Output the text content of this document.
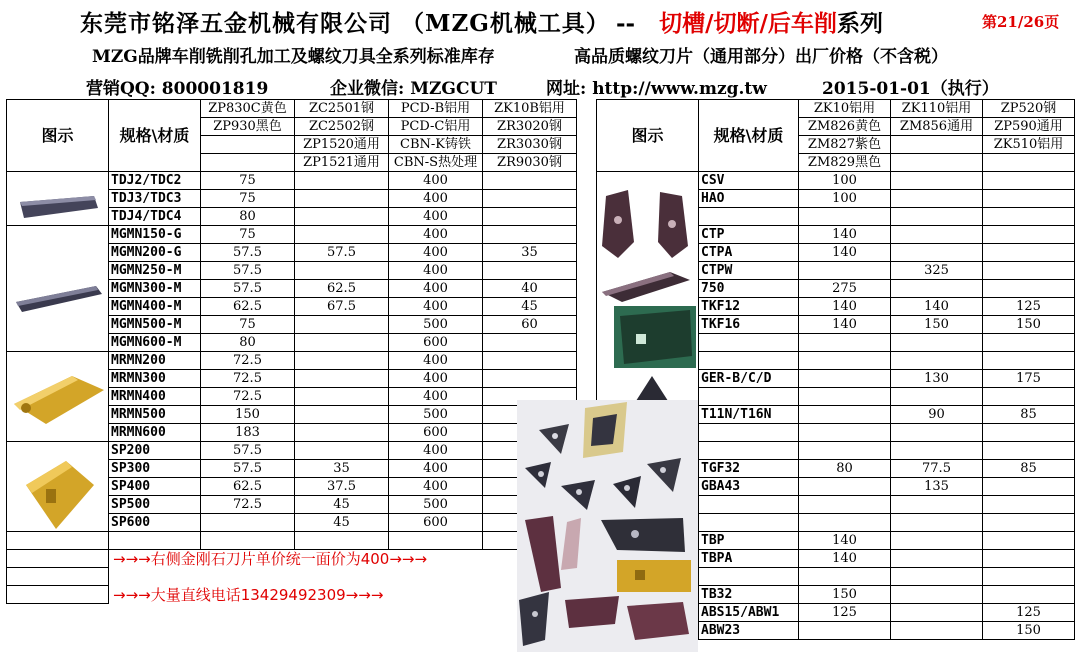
东莞市铭泽五金机械有限公司 （MZG机械工具） -- 切槽/切断/后车削系列	第21/26页
MZG品牌车削铣削孔加工及螺纹刀具全系列标准库存	高品质螺纹刀片（通用部分）出厂价格（不含税）
营销QQ: 800001819	企业微信: MZGCUT	网址: http://www.mzg.tw	2015-01-01（执行）
图示	规格\材质	ZP830C黄色	ZC2501钢	PCD-B铝用	ZK10B铝用
		ZP930黑色	ZC2502钢	PCD-C铝用	ZR3020钢
			ZP1520通用	CBN-K铸铁	ZR3030钢
			ZP1521通用	CBN-S热处理	ZR9030钢
	TDJ2/TDC2	75		400	
	TDJ3/TDC3	75		400	
	TDJ4/TDC4	80		400	
	MGMN150-G	75		400	
	MGMN200-G	57.5	57.5	400	35
	MGMN250-M	57.5		400	
	MGMN300-M	57.5	62.5	400	40
	MGMN400-M	62.5	67.5	400	45
	MGMN500-M	75		500	60
	MGMN600-M	80		600	
	MRMN200	72.5		400	
	MRMN300	72.5		400	
	MRMN400	72.5		400	
	MRMN500	150		500	
	MRMN600	183		600	
	SP200	57.5		400	
	SP300	57.5	35	400	
	SP400	62.5	37.5	400	
	SP500	72.5	45	500	
	SP600		45	600	

	→→→右侧金刚石刀片单价统一面价为400→→→				

	→→→大量直线电话13429492309→→→				
图示	规格\材质	ZK10铝用	ZK110铝用	ZP520钢
		ZM826黄色	ZM856通用	ZP590通用
		ZM827紫色		ZK510铝用
		ZM829黑色		
	CSV	100		
	HAO	100		

	CTP	140		
	CTPA	140		
	CTPW		325	
	750	275		
	TKF12	140	140	125
	TKF16	140	150	150

	GER-B/C/D		130	175

	T11N/T16N		90	85

	TGF32	80	77.5	85
	GBA43		135	

	TBP	140		
	TBPA	140		

	TB32	150		
	ABS15/ABW1	125		125
	ABW23			150
